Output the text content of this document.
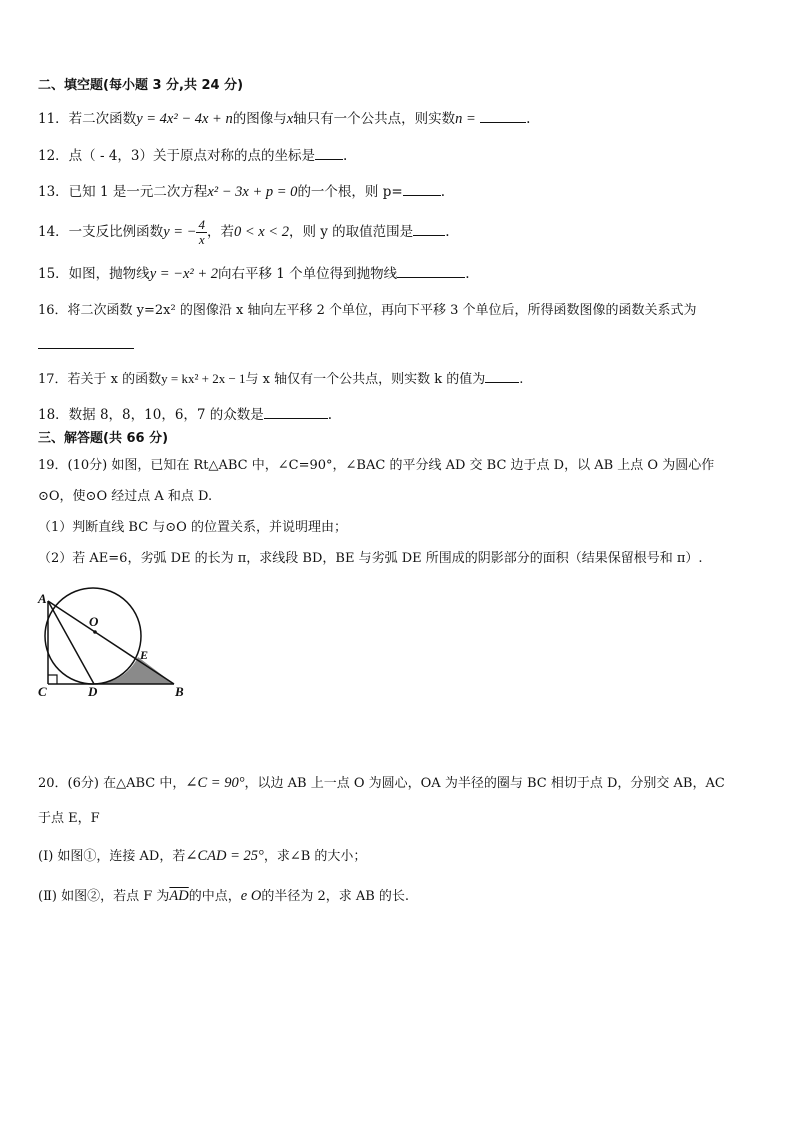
二、填空题(每小题 3 分,共 24 分)
11．若二次函数y = 4x² − 4x + n的图像与x轴只有一个公共点，则实数n =	.
12．点（ - 4，3）关于原点对称的点的坐标是 .
13．已知 1 是一元二次方程x² − 3x + p = 0的一个根，则 p=	.
14．一支反比例函数y = − $\frac{4}{x}$ ，若0 < x < 2，则 y 的取值范围是 .
15．如图，抛物线y = −x² + 2向右平移 1 个单位得到抛物线	.
16．将二次函数 y=2x² 的图像沿 x 轴向左平移 2 个单位，再向下平移 3 个单位后，所得函数图像的函数关系式为
17．若关于 x 的函数y = kx² + 2x − 1与 x 轴仅有一个公共点，则实数 k 的值为	.
18．数据 8，8，10，6，7 的众数是	.
三、解答题(共 66 分)
19．(10分) 如图，已知在 Rt△ABC 中，∠C=90°，∠BAC 的平分线 AD 交 BC 边于点 D，以 AB 上点 O 为圆心作
⊙O，使⊙O 经过点 A 和点 D.
（1）判断直线 BC 与⊙O 的位置关系，并说明理由；
（2）若 AE=6，劣弧 DE 的长为 π，求线段 BD，BE 与劣弧 DE 所围成的阴影部分的面积（结果保留根号和 π）.
A
O
E
C	D	B
20．(6分) 在△ABC 中，∠C = 90°，以边 AB 上一点 O 为圆心，OA 为半径的圈与 BC 相切于点 D，分别交 AB，AC
于点 E，F
(Ⅰ) 如图①，连接 AD，若∠CAD = 25°，求∠B 的大小；
(Ⅱ) 如图②，若点 F 为$\overline{AD}$的中点，e O的半径为 2，求 AB 的长.
